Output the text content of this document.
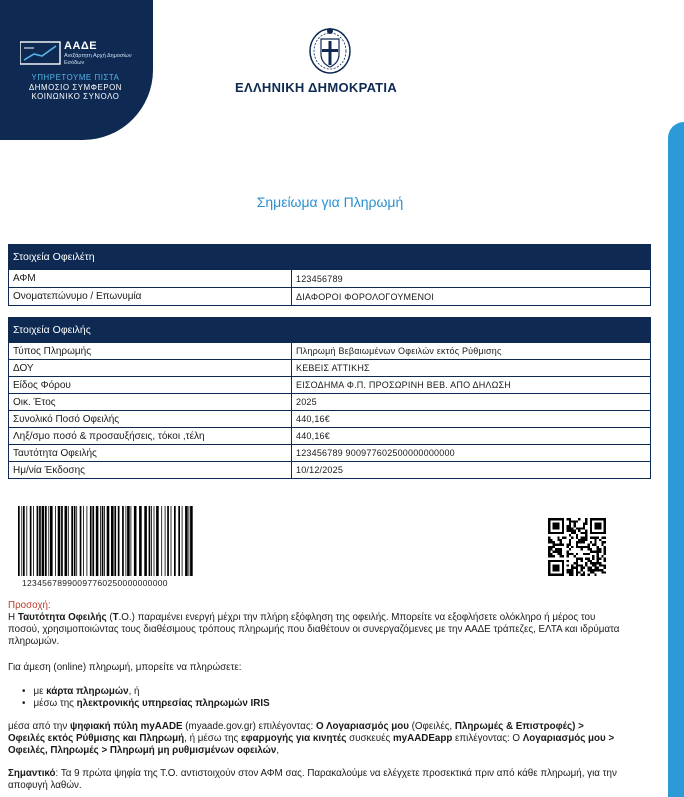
ΑΑΔΕ
Ανεξάρτητη Αρχή Δημοσίων Εσόδων
ΥΠΗΡΕΤΟΥΜΕ ΠΙΣΤΑ
ΔΗΜΟΣΙΟ ΣΥΜΦΕΡΟΝ
ΚΟΙΝΩΝΙΚΟ ΣΥΝΟΛΟ
ΕΛΛΗΝΙΚΗ ΔΗΜΟΚΡΑΤΙΑ
Σημείωμα για Πληρωμή
Στοιχεία Οφειλέτη
ΑΦΜ	123456789
Ονοματεπώνυμο / Επωνυμία	ΔΙΑΦΟΡΟΙ ΦΟΡΟΛΟΓΟΥΜΕΝΟΙ
Στοιχεία Οφειλής
Τύπος Πληρωμής	Πληρωμή Βεβαιωμένων Οφειλών εκτός Ρύθμισης
ΔΟΥ	ΚΕΒΕΙΣ ΑΤΤΙΚΗΣ
Είδος Φόρου	ΕΙΣΟΔΗΜΑ Φ.Π. ΠΡΟΣΩΡΙΝΗ ΒΕΒ. ΑΠΟ ΔΗΛΩΣΗ
Οικ. Έτος	2025
Συνολικό Ποσό Οφειλής	440,16€
Ληξ/σμο ποσό & προσαυξήσεις, τόκοι ,τέλη	440,16€
Ταυτότητα Οφειλής	123456789 900977602500000000000
Ημ/νία Έκδοσης	10/12/2025
12345678990097760250000000000
Προσοχή:
Η Ταυτότητα Οφειλής (Τ.Ο.) παραμένει ενεργή μέχρι την πλήρη εξόφληση της οφειλής. Μπορείτε να εξοφλήσετε ολόκληρο ή μέρος του ποσού, χρησιμοποιώντας τους διαθέσιμους τρόπους πληρωμής που διαθέτουν οι συνεργαζόμενες με την ΑΑΔΕ τράπεζες, ΕΛΤΑ και ιδρύματα πληρωμών.
Για άμεση (online) πληρωμή, μπορείτε να πληρώσετε:
• με κάρτα πληρωμών, ή
• μέσω της ηλεκτρονικής υπηρεσίας πληρωμών IRIS
μέσα από την ψηφιακή πύλη myAADE (myaade.gov.gr) επιλέγοντας: Ο Λογαριασμός μου (Οφειλές, Πληρωμές & Επιστροφές) > Οφειλές εκτός Ρύθμισης και Πληρωμή, ή μέσω της εφαρμογής για κινητές συσκευές myAADEapp επιλέγοντας: Ο Λογαριασμός μου > Οφειλές, Πληρωμές > Πληρωμή μη ρυθμισμένων οφειλών,
Σημαντικό: Τα 9 πρώτα ψηφία της Τ.Ο. αντιστοιχούν στον ΑΦΜ σας. Παρακαλούμε να ελέγχετε προσεκτικά πριν από κάθε πληρωμή, για την αποφυγή λαθών.
